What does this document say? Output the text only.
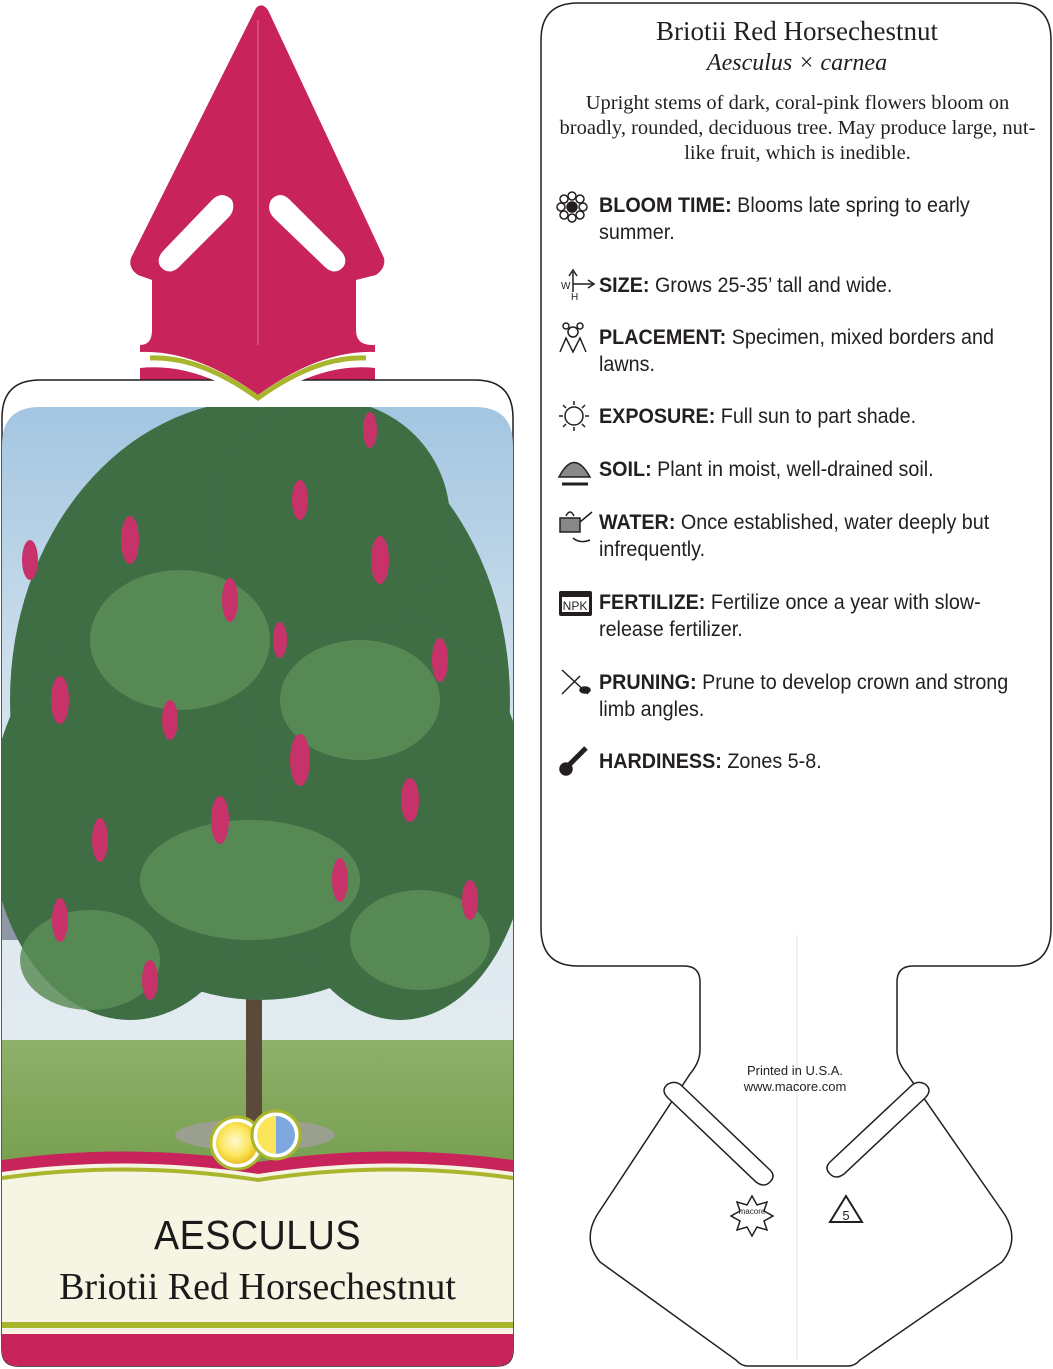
AESCULUS
Briotii Red Horsechestnut
macore	5
NPK
W
H
Briotii Red Horsechestnut
Aesculus × carnea
Upright stems of dark, coral-pink flowers bloom on broadly, rounded, deciduous tree. May produce large, nut-like fruit, which is inedible.
BLOOM TIME: Blooms late spring to early summer.
SIZE: Grows 25-35’ tall and wide.
PLACEMENT: Specimen, mixed borders and lawns.
EXPOSURE: Full sun to part shade.
SOIL: Plant in moist, well-drained soil.
WATER: Once established, water deeply but infrequently.
FERTILIZE: Fertilize once a year with slow-release fertilizer.
PRUNING: Prune to develop crown and strong limb angles.
HARDINESS: Zones 5-8.
Printed in U.S.A.
www.macore.com
